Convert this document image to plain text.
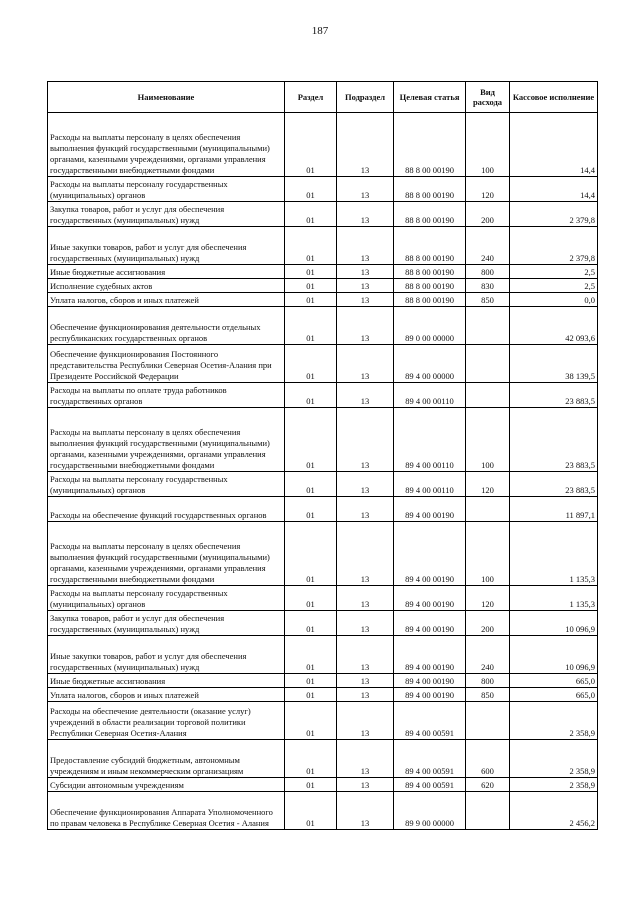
187
Наименование	Раздел	Подраздел	Целевая статья	Вид расхода	Кассовое исполнение
Расходы на выплаты персоналу в целях обеспечения выполнения функций государственными (муниципальными) органами, казенными учреждениями, органами управления государственными внебюджетными фондами	01	13	88 8 00 00190	100	14,4
Расходы на выплаты персоналу государственных (муниципальных) органов	01	13	88 8 00 00190	120	14,4
Закупка товаров, работ и услуг для обеспечения государственных (муниципальных) нужд	01	13	88 8 00 00190	200	2 379,8
Иные закупки товаров, работ и услуг для обеспечения государственных (муниципальных) нужд	01	13	88 8 00 00190	240	2 379,8
Иные бюджетные ассигнования	01	13	88 8 00 00190	800	2,5
Исполнение судебных актов	01	13	88 8 00 00190	830	2,5
Уплата налогов, сборов и иных платежей	01	13	88 8 00 00190	850	0,0
Обеспечение функционирования деятельности отдельных республиканских государственных органов	01	13	89 0 00 00000		42 093,6
Обеспечение функционирования Постоянного представительства Республики Северная Осетия-Алания при Президенте Российской Федерации	01	13	89 4 00 00000		38 139,5
Расходы на выплаты по оплате труда работников государственных органов	01	13	89 4 00 00110		23 883,5
Расходы на выплаты персоналу в целях обеспечения выполнения функций государственными (муниципальными) органами, казенными учреждениями, органами управления государственными внебюджетными фондами	01	13	89 4 00 00110	100	23 883,5
Расходы на выплаты персоналу государственных (муниципальных) органов	01	13	89 4 00 00110	120	23 883,5
Расходы на обеспечение функций государственных органов	01	13	89 4 00 00190		11 897,1
Расходы на выплаты персоналу в целях обеспечения выполнения функций государственными (муниципальными) органами, казенными учреждениями, органами управления государственными внебюджетными фондами	01	13	89 4 00 00190	100	1 135,3
Расходы на выплаты персоналу государственных (муниципальных) органов	01	13	89 4 00 00190	120	1 135,3
Закупка товаров, работ и услуг для обеспечения государственных (муниципальных) нужд	01	13	89 4 00 00190	200	10 096,9
Иные закупки товаров, работ и услуг для обеспечения государственных (муниципальных) нужд	01	13	89 4 00 00190	240	10 096,9
Иные бюджетные ассигнования	01	13	89 4 00 00190	800	665,0
Уплата налогов, сборов и иных платежей	01	13	89 4 00 00190	850	665,0
Расходы на обеспечение деятельности (оказание услуг) учреждений в области реализации торговой политики Республики Северная Осетия-Алания	01	13	89 4 00 00591		2 358,9
Предоставление субсидий бюджетным, автономным учреждениям и иным некоммерческим организациям	01	13	89 4 00 00591	600	2 358,9
Субсидии автономным учреждениям	01	13	89 4 00 00591	620	2 358,9
Обеспечение функционирования Аппарата Уполномоченного по правам человека в Республике Северная Осетия - Алания	01	13	89 9 00 00000		2 456,2
